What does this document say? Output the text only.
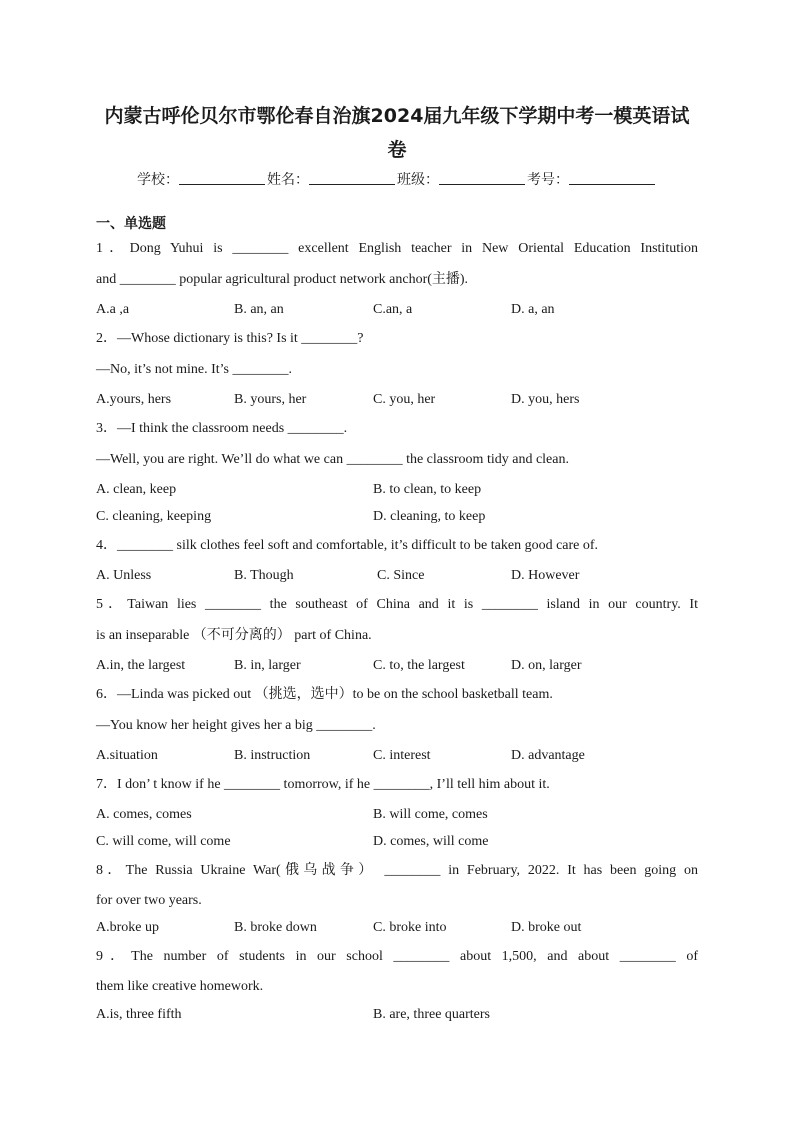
内蒙古呼伦贝尔市鄂伦春自治旗2024届九年级下学期中考一模英语试
卷
学校：	姓名：	班级：	考号：
一、单选题
1．Dong Yuhui is ________ excellent English teacher in New Oriental Education Institution
and ________ popular agricultural product network anchor(主播).
A.a ,a	B. an, an	C.an, a	D. a, an
2．—Whose dictionary is this? Is it ________?
—No, it’s not mine. It’s ________.
A.yours, hers	B. yours, her	C. you, her	D. you, hers
3．—I think the classroom needs ________.
—Well, you are right. We’ll do what we can ________ the classroom tidy and clean.
A. clean, keep	B. to clean, to keep
C. cleaning, keeping	D. cleaning, to keep
4．________ silk clothes feel soft and comfortable, it’s difficult to be taken good care of.
A. Unless	B. Though	C. Since	D. However
5．Taiwan lies ________ the southeast of China and it is ________ island in our country. It
is an inseparable （不可分离的） part of China.
A.in, the largest	B. in, larger	C. to, the largest	D. on, larger
6．—Linda was picked out （挑选，选中）to be on the school basketball team.
—You know her height gives her a big ________.
A.situation	B. instruction	C. interest	D. advantage
7．I don’ t know if he ________ tomorrow, if he ________, I’ll tell him about it.
A. comes, comes	B. will come, comes
C. will come, will come	D. comes, will come
8．The Russia Ukraine War(俄乌战争） ________ in February, 2022. It has been going on
for over two years.
A.broke up	B. broke down	C. broke into	D. broke out
9．The number of students in our school ________ about 1,500, and about ________ of
them like creative homework.
A.is, three fifth	B. are, three quarters
